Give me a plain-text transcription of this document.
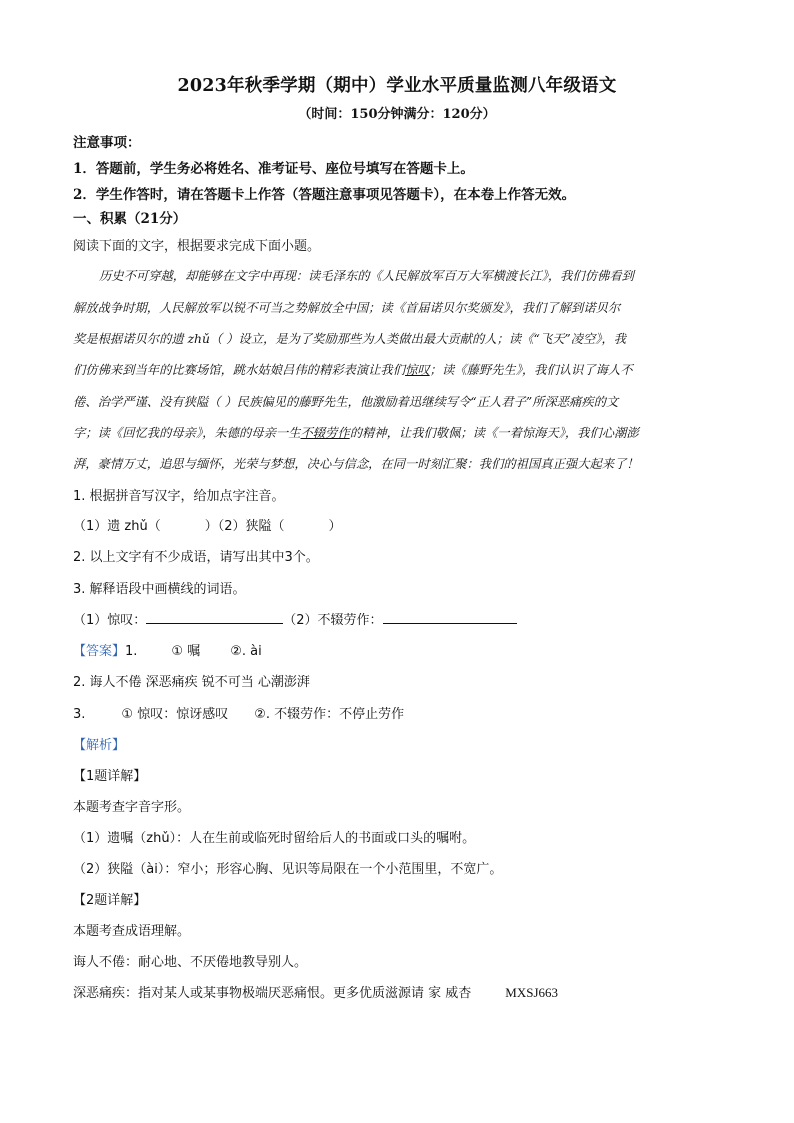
2023年秋季学期（期中）学业水平质量监测八年级语文
（时间：150分钟满分：120分）
注意事项：
1．答题前，学生务必将姓名、准考证号、座位号填写在答题卡上。
2．学生作答时，请在答题卡上作答（答题注意事项见答题卡），在本卷上作答无效。
一、积累（21分）
阅读下面的文字，根据要求完成下面小题。
历史不可穿越，却能够在文字中再现：读毛泽东的《人民解放军百万大军横渡长江》，我们仿佛看到
解放战争时期，人民解放军以锐不可当之势解放全中国；读《首届诺贝尔奖颁发》，我们了解到诺贝尔
奖是根据诺贝尔的遗 zhǔ（ ）设立，是为了奖励那些为人类做出最大贡献的人；读《“飞天”凌空》，我
们仿佛来到当年的比赛场馆，跳水姑娘吕伟的精彩表演让我们惊叹；读《藤野先生》，我们认识了诲人不
倦、治学严谨、没有狭隘（ ）民族偏见的藤野先生，他激励着迅继续写令“正人君子”所深恶痛疾的文
字；读《回忆我的母亲》，朱德的母亲一生不辍劳作的精神，让我们敬佩；读《一着惊海天》，我们心潮澎
湃，豪情万丈，追思与缅怀，光荣与梦想，决心与信念，在同一时刻汇聚：我们的祖国真正强大起来了！
1. 根据拼音写汉字，给加点字注音。
（1）遗 zhǔ（	）（2）狭隘（	）
2. 以上文字有不少成语，请写出其中3个。
3. 解释语段中画横线的词语。
（1）惊叹：	（2）不辍劳作：
【答案】1.	① 嘱 ②. ài
2. 诲人不倦 深恶痛疾 锐不可当 心潮澎湃
3.	① 惊叹：惊讶感叹 ②. 不辍劳作：不停止劳作
【解析】
【1题详解】
本题考查字音字形。
（1）遗嘱（zhǔ）：人在生前或临死时留给后人的书面或口头的嘱咐。
（2）狭隘（ài）：窄小；形容心胸、见识等局限在一个小范围里，不宽广。
【2题详解】
本题考查成语理解。
诲人不倦：耐心地、不厌倦地教导别人。
深恶痛疾：指对某人或某事物极端厌恶痛恨。更多优质滋源请 家 威杏	MXSJ663
